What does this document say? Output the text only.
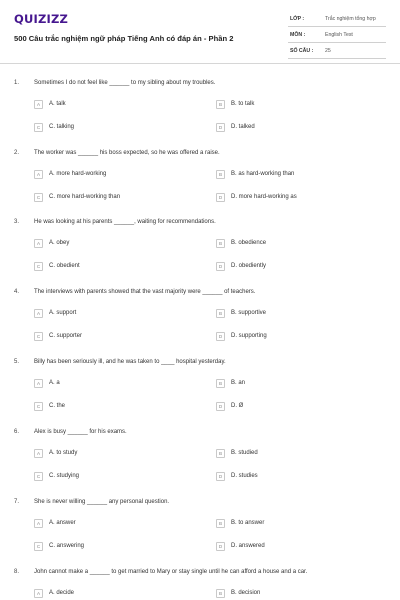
QUIZIZZ
500 Câu trắc nghiệm ngữ pháp Tiếng Anh có đáp án - Phần 2
LỚP :	Trắc nghiệm tổng hợp
MÔN :	English Test
SỐ CÂU : 25
1. Sometimes I do not feel like ______ to my sibling about my troubles.
A	A. talk	B	B. to talk
C	C. talking	D	D. talked
2. The worker was ______ his boss expected, so he was offered a raise.
A	A. more hard-working	B	B. as hard-working than
C	C. more hard-working than	D	D. more hard-working as
3. He was looking at his parents ______, waiting for recommendations.
A	A. obey	B	B. obedience
C	C. obedient	D	D. obediently
4. The interviews with parents showed that the vast majority were ______ of teachers.
A	A. support	B	B. supportive
C	C. supporter	D	D. supporting
5. Billy has been seriously ill, and he was taken to ____ hospital yesterday.
A	A. a	B	B. an
C	C. the	D	D. Ø
6. Alex is busy ______ for his exams.
A	A. to study	B	B. studied
C	C. studying	D	D. studies
7. She is never willing ______ any personal question.
A	A. answer	B	B. to answer
C	C. answering	D	D. answered
8. John cannot make a ______ to get married to Mary or stay single until he can afford a house and a car.
A	A. decide	B	B. decision
